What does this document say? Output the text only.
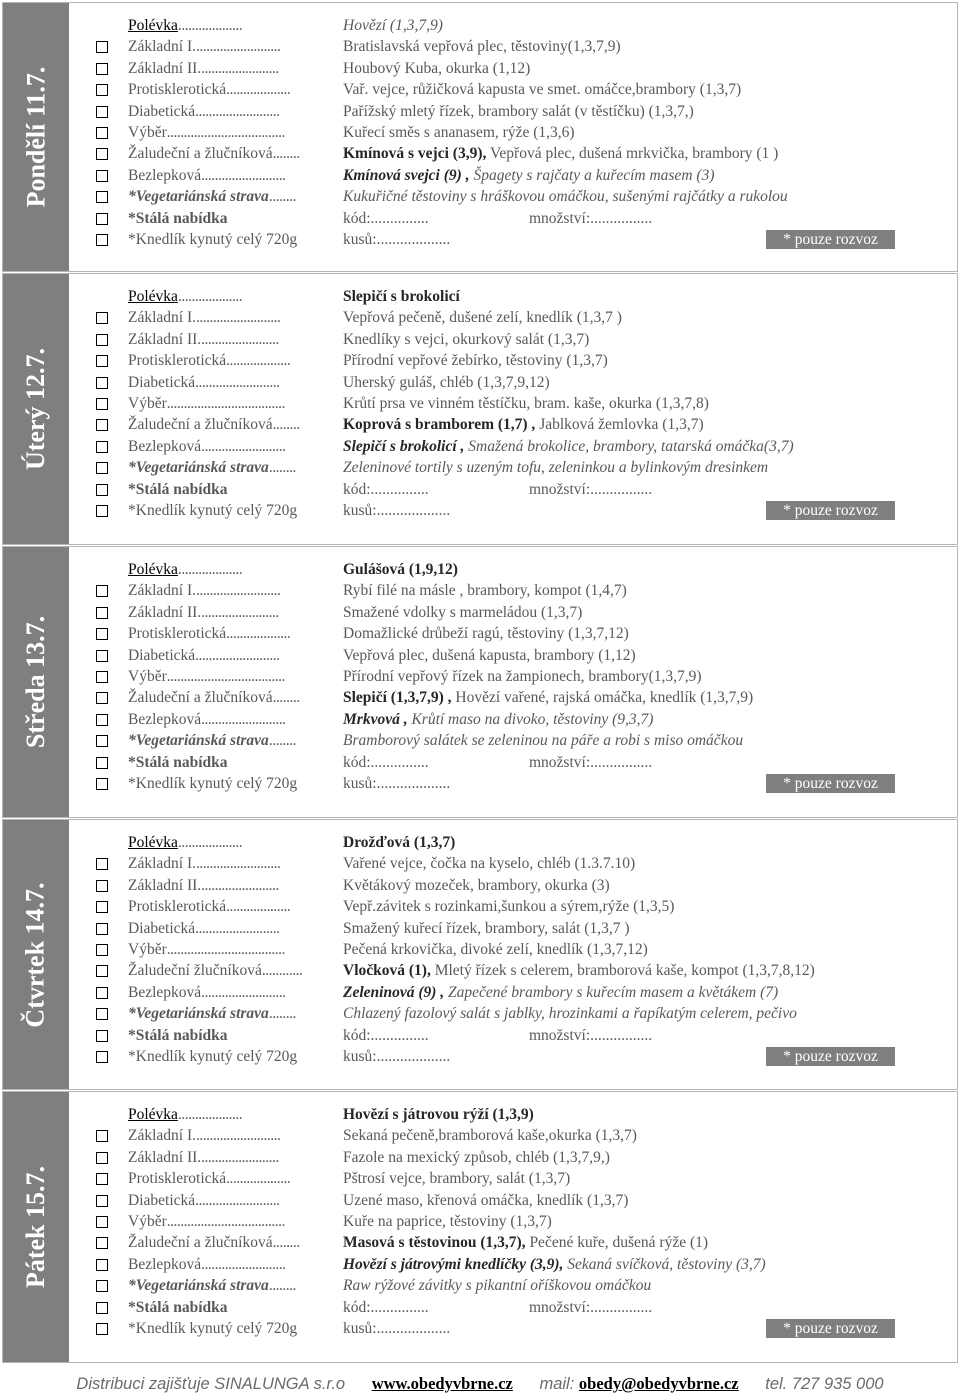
Pondělí 11.7.
Polévka...................	Hovězí (1,3,7,9)
Základní I..........................	Bratislavská vepřová plec, těstoviny(1,3,7,9)
Základní II........................	Houbový Kuba, okurka (1,12)
Protisklerotická...................	Vař. vejce, růžičková kapusta ve smet. omáčce,brambory (1,3,7)
Diabetická.........................	Pařížský mletý řízek, brambory salát (v těstíčku) (1,3,7,)
Výběr...................................	Kuřecí směs s ananasem, rýže (1,3,6)
Žaludeční a žlučníková........	Kmínová s vejci (3,9), Vepřová plec, dušená mrkvička, brambory (1 )
Bezlepková.........................	Kmínová svejci (9) , Špagety s rajčaty a kuřecím masem (3)
*Vegetariánská strava........	Kukuřičné těstoviny s hráškovou omáčkou, sušenými rajčátky a rukolou
*Stálá nabídka	kód:...............	množství:................
*Knedlík kynutý celý 720g	kusů:...................	* pouze rozvoz
Úterý 12.7.
Polévka...................	Slepičí s brokolicí
Základní I..........................	Vepřová pečeně, dušené zelí, knedlík (1,3,7 )
Základní II........................	Knedlíky s vejci, okurkový salát (1,3,7)
Protisklerotická...................	Přírodní vepřové žebírko, těstoviny (1,3,7)
Diabetická.........................	Uherský guláš, chléb (1,3,7,9,12)
Výběr...................................	Krůtí prsa ve vinném těstíčku, bram. kaše, okurka (1,3,7,8)
Žaludeční a žlučníková........	Koprová s bramborem (1,7) , Jablková žemlovka (1,3,7)
Bezlepková.........................	Slepičí s brokolicí , Smažená brokolice, brambory, tatarská omáčka(3,7)
*Vegetariánská strava........	Zeleninové tortily s uzeným tofu, zeleninkou a bylinkovým dresinkem
*Stálá nabídka	kód:...............	množství:................
*Knedlík kynutý celý 720g	kusů:...................	* pouze rozvoz
Středa 13.7.
Polévka...................	Gulášová (1,9,12)
Základní I..........................	Rybí filé na másle , brambory, kompot (1,4,7)
Základní II........................	Smažené vdolky s marmeládou (1,3,7)
Protisklerotická...................	Domažlické drůbeží ragú, těstoviny (1,3,7,12)
Diabetická.........................	Vepřová plec, dušená kapusta, brambory (1,12)
Výběr...................................	Přírodní vepřový řízek na žampionech, brambory(1,3,7,9)
Žaludeční a žlučníková........	Slepičí (1,3,7,9) , Hovězí vařené, rajská omáčka, knedlík (1,3,7,9)
Bezlepková.........................	Mrkvová , Krůtí maso na divoko, těstoviny (9,3,7)
*Vegetariánská strava........	Bramborový salátek se zeleninou na páře a robi s miso omáčkou
*Stálá nabídka	kód:...............	množství:................
*Knedlík kynutý celý 720g	kusů:...................	* pouze rozvoz
Čtvrtek 14.7.
Polévka...................	Drožďová (1,3,7)
Základní I..........................	Vařené vejce, čočka na kyselo, chléb (1.3.7.10)
Základní II........................	Květákový mozeček, brambory, okurka (3)
Protisklerotická...................	Vepř.závitek s rozinkami,šunkou a sýrem,rýže (1,3,5)
Diabetická.........................	Smažený kuřecí řízek, brambory, salát (1,3,7 )
Výběr...................................	Pečená krkovička, divoké zelí, knedlík (1,3,7,12)
Žaludeční žlučníková............	Vločková (1), Mletý řízek s celerem, bramborová kaše, kompot (1,3,7,8,12)
Bezlepková.........................	Zeleninová (9) , Zapečené brambory s kuřecím masem a květákem (7)
*Vegetariánská strava........	Chlazený fazolový salát s jablky, hrozinkami a řapíkatým celerem, pečivo
*Stálá nabídka	kód:...............	množství:................
*Knedlík kynutý celý 720g	kusů:...................	* pouze rozvoz
Pátek 15.7.
Polévka...................	Hovězí s játrovou rýží (1,3,9)
Základní I..........................	Sekaná pečeně,bramborová kaše,okurka (1,3,7)
Základní II........................	Fazole na mexický způsob, chléb (1,3,7,9,)
Protisklerotická...................	Pštrosí vejce, brambory, salát (1,3,7)
Diabetická.........................	Uzené maso, křenová omáčka, knedlík (1,3,7)
Výběr...................................	Kuře na paprice, těstoviny (1,3,7)
Žaludeční a žlučníková........	Masová s těstovinou (1,3,7), Pečené kuře, dušená rýže (1)
Bezlepková.........................	Hovězí s játrovými knedlíčky (3,9), Sekaná svíčková, těstoviny (3,7)
*Vegetariánská strava........	Raw rýžové závitky s pikantní oříškovou omáčkou
*Stálá nabídka	kód:...............	množství:................
*Knedlík kynutý celý 720g	kusů:...................	* pouze rozvoz
Distribuci zajišťuje SINALUNGA s.r.o www.obedyvbrne.cz mail: obedy@obedyvbrne.cz tel. 727 935 000
